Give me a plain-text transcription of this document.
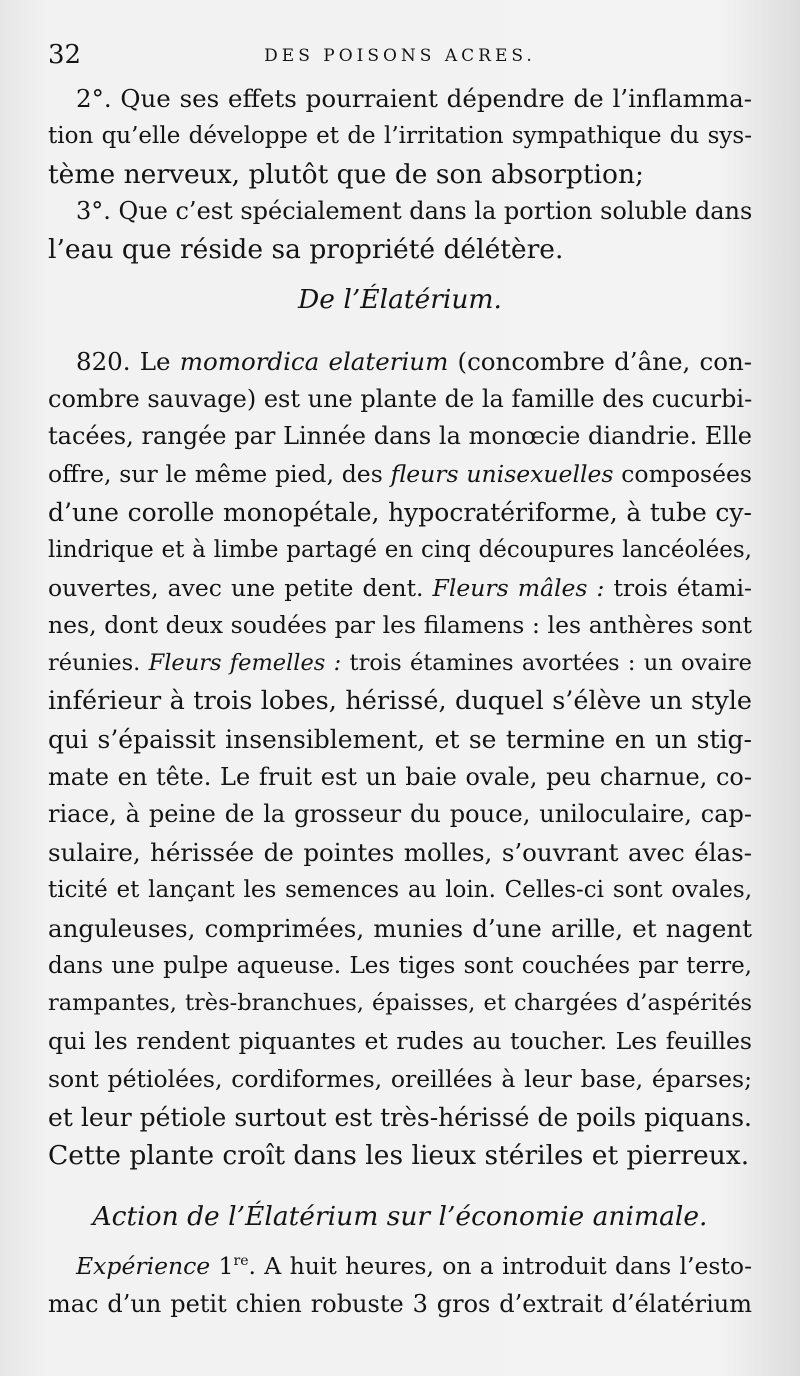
32	DES POISONS ACRES.
2°. Que ses effets pourraient dépendre de l’inflamma-
tion qu’elle développe et de l’irritation sympathique du sys-
tème nerveux, plutôt que de son absorption;
3°. Que c’est spécialement dans la portion soluble dans
l’eau que réside sa propriété délétère.
De l’Élatérium.
820. Le momordica elaterium (concombre d’âne, con-
combre sauvage) est une plante de la famille des cucurbi-
tacées, rangée par Linnée dans la monœcie diandrie. Elle
offre, sur le même pied, des fleurs unisexuelles composées
d’une corolle monopétale, hypocratériforme, à tube cy-
lindrique et à limbe partagé en cinq découpures lancéolées,
ouvertes, avec une petite dent. Fleurs mâles : trois étami-
nes, dont deux soudées par les filamens : les anthères sont
réunies. Fleurs femelles : trois étamines avortées : un ovaire
inférieur à trois lobes, hérissé, duquel s’élève un style
qui s’épaissit insensiblement, et se termine en un stig-
mate en tête. Le fruit est un baie ovale, peu charnue, co-
riace, à peine de la grosseur du pouce, uniloculaire, cap-
sulaire, hérissée de pointes molles, s’ouvrant avec élas-
ticité et lançant les semences au loin. Celles-ci sont ovales,
anguleuses, comprimées, munies d’une arille, et nagent
dans une pulpe aqueuse. Les tiges sont couchées par terre,
rampantes, très-branchues, épaisses, et chargées d’aspérités
qui les rendent piquantes et rudes au toucher. Les feuilles
sont pétiolées, cordiformes, oreillées à leur base, éparses;
et leur pétiole surtout est très-hérissé de poils piquans.
Cette plante croît dans les lieux stériles et pierreux.
Action de l’Élatérium sur l’économie animale.
Expérience 1re. A huit heures, on a introduit dans l’esto-
mac d’un petit chien robuste 3 gros d’extrait d’élatérium
